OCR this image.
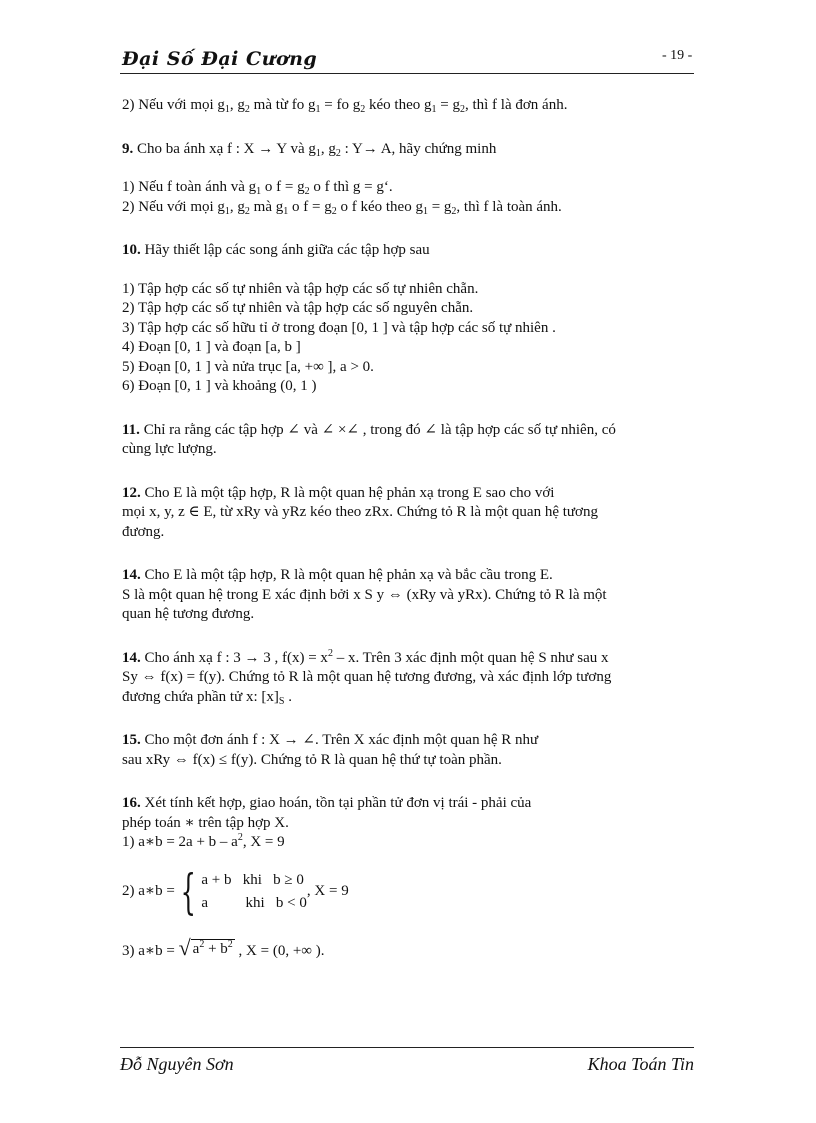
Đại Số Đại Cương	- 19 -
2) Nếu với mọi $g_1$, $g_2$ mà từ fo $g_1$ = fo $g_2$ kéo theo $g_1 = g_2$, thì f là đơn ánh.
9. Cho ba ánh xạ f : X → Y và $g_1$, $g_2$ : Y→ A, hãy chứng minh
1) Nếu f toàn ánh và $g_1$ o $f = g_2$ o f thì g = g‘.
2) Nếu với mọi $g_1$, $g_2$ mà $g_1$ o $f = g_2$ o f kéo theo $g_1 = g_2$, thì f là toàn ánh.
10. Hãy thiết lập các song ánh giữa các tập hợp sau
1) Tập hợp các số tự nhiên và tập hợp các số tự nhiên chẵn.
2) Tập hợp các số tự nhiên và tập hợp các số nguyên chẵn.
3) Tập hợp các số hữu tỉ ở trong đoạn [0, 1 ] và tập hợp các số tự nhiên .
4) Đoạn [0, 1 ] và đoạn [a, b ]
5) Đoạn [0, 1 ] và nửa trục [a, +∞ ], a > 0.
6) Đoạn [0, 1 ] và khoảng (0, 1 )
11. Chỉ ra rằng các tập hợp ∠ và ∠ ×∠ , trong đó ∠ là tập hợp các số tự nhiên, có
cùng lực lượng.
12. Cho E là một tập hợp, R là một quan hệ phản xạ trong E sao cho với
mọi x, y, z ∈ E, từ xRy và yRz kéo theo zRx. Chứng tỏ R là một quan hệ tương
đương.
14. Cho E là một tập hợp, R là một quan hệ phản xạ và bắc cầu trong E.
S là một quan hệ trong E xác định bởi x S y ⇔ (xRy và yRx). Chứng tỏ R là một
quan hệ tương đương.
14. Cho ánh xạ f : 3 → 3 , $f(x) = x^2 - x$. Trên 3 xác định một quan hệ S như sau x
Sy ⇔ f(x) = f(y). Chứng tỏ R là một quan hệ tương đương, và xác định lớp tương
đương chứa phần tử x: $[x]_S$ .
15. Cho một đơn ánh f : X → ∠. Trên X xác định một quan hệ R như
sau xRy ⇔ f(x) ≤ f(y). Chứng tỏ R là quan hệ thứ tự toàn phần.
16. Xét tính kết hợp, giao hoán, tồn tại phần tử đơn vị trái - phải của
phép toán ∗ trên tập hợp X.
1) a∗b = $2a + b - a^2$, X = 9
2) a∗b = { a + b   khi   b ≥ 0
a          khi   b < 0
, X = 9
3) a∗b = √ $a^2 + b^2$ , X = (0, +∞ ).
Đỗ Nguyên Sơn	Khoa Toán Tin
